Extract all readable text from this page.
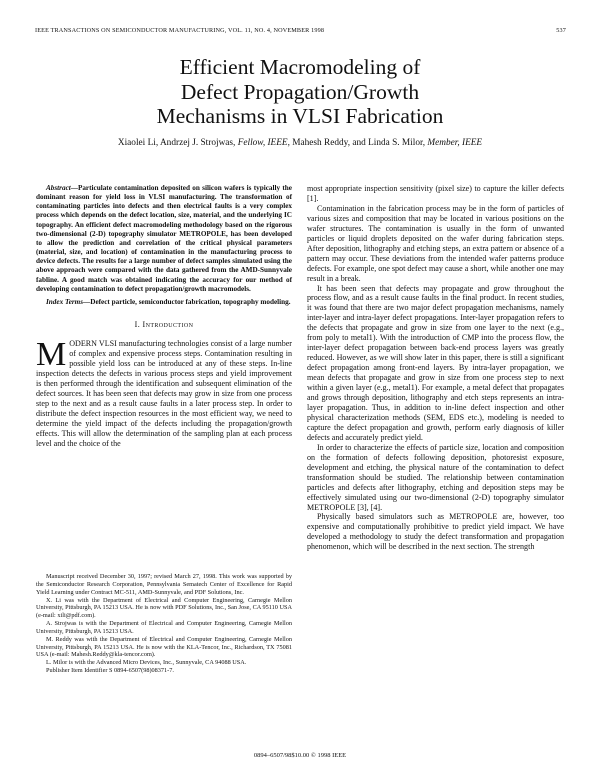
IEEE TRANSACTIONS ON SEMICONDUCTOR MANUFACTURING, VOL. 11, NO. 4, NOVEMBER 1998	537
Efficient Macromodeling of
Defect Propagation/Growth
Mechanisms in VLSI Fabrication
Xiaolei Li, Andrzej J. Strojwas, Fellow, IEEE, Mahesh Reddy, and Linda S. Milor, Member, IEEE

Abstract—Particulate contamination deposited on silicon wafers is typically the dominant reason for yield loss in VLSI manufacturing. The transformation of contaminating particles into defects and then electrical faults is a very complex process which depends on the defect location, size, material, and the underlying IC topography. An efficient defect macromodeling methodology based on the rigorous two-dimensional (2-D) topography simulator METROPOLE, has been developed to allow the prediction and correlation of the critical physical parameters (material, size, and location) of contamination in the manufacturing process to device defects. The results for a large number of defect samples simulated using the above approach were compared with the data gathered from the AMD-Sunnyvale fabline. A good match was obtained indicating the accuracy for our method of developing contamination to defect propagation/growth macromodels.

Index Terms—Defect particle, semiconductor fabrication, topography modeling.

I. Introduction

MODERN VLSI manufacturing technologies consist of a large number of complex and expensive process steps. Contamination resulting in possible yield loss can be introduced at any of these steps. In-line inspection detects the defects in various process steps and yield improvement is then performed through the identification and subsequent elimination of the defect sources. It has been seen that defects may grow in size from one process step to the next and as a result cause faults in a later process step. In order to distribute the defect inspection resources in the most efficient way, we need to determine the yield impact of the defects including the propagation/growth effects. This will allow the determination of the sampling plan at each process level and the choice of the

Manuscript received December 30, 1997; revised March 27, 1998. This work was supported by the Semiconductor Research Corporation, Pennsylvania Sematech Center of Excellence for Rapid Yield Learning under Contract MC-511, AMD-Sunnyvale, and PDF Solutions, Inc.

X. Li was with the Department of Electrical and Computer Engineering, Carnegie Mellon University, Pittsburgh, PA 15213 USA. He is now with PDF Solutions, Inc., San Jose, CA 95110 USA (e-mail: xili@pdf.com).

A. Strojwas is with the Department of Electrical and Computer Engineering, Carnegie Mellon University, Pittsburgh, PA 15213 USA.

M. Reddy was with the Department of Electrical and Computer Engineering, Carnegie Mellon University, Pittsburgh, PA 15213 USA. He is now with the KLA-Tencor, Inc., Richardson, TX 75081 USA (e-mail: Mahesh.Reddy@kla-tencor.com).

L. Milor is with the Advanced Micro Devices, Inc., Sunnyvale, CA 94088 USA.

Publisher Item Identifier S 0894-6507(98)08371-7.

most appropriate inspection sensitivity (pixel size) to capture the killer defects [1].

Contamination in the fabrication process may be in the form of particles of various sizes and composition that may be located in various positions on the wafer structures. The contamination is usually in the form of unwanted particles or liquid droplets deposited on the wafer during fabrication steps. After deposition, lithography and etching steps, an extra pattern or absence of a pattern may occur. These deviations from the intended wafer patterns produce defects. For example, one spot defect may cause a short, while another one may result in a break.

It has been seen that defects may propagate and grow throughout the process flow, and as a result cause faults in the final product. In recent studies, it was found that there are two major defect propagation mechanisms, namely inter-layer and intra-layer defect propagations. Inter-layer propagation refers to the defects that propagate and grow in size from one layer to the next (e.g., from poly to metal1). With the introduction of CMP into the process flow, the inter-layer defect propagation between back-end process layers was greatly reduced. However, as we will show later in this paper, there is still a significant defect propagation among front-end layers. By intra-layer propagation, we mean defects that propagate and grow in size from one process step to next within a given layer (e.g., metal1). For example, a metal defect that propagates and grows through deposition, lithography and etch steps represents an intra-layer propagation. Thus, in addition to in-line defect inspection and other physical characterization methods (SEM, EDS etc.), modeling is needed to capture the defect propagation and growth, perform early diagnosis of killer defects and accurately predict yield.

In order to characterize the effects of particle size, location and composition on the formation of defects following deposition, photoresist exposure, development and etching, the physical nature of the contamination to defect transformation should be studied. The relationship between contamination particles and defects after lithography, etching and deposition steps may be effectively simulated using our two-dimensional (2-D) topography simulator METROPOLE [3], [4].

Physically based simulators such as METROPOLE are, however, too expensive and computationally prohibitive to predict yield impact. We have developed a methodology to study the defect transformation and propagation phenomenon, which will be described in the next section. The strength

0894–6507/98$10.00 © 1998 IEEE
